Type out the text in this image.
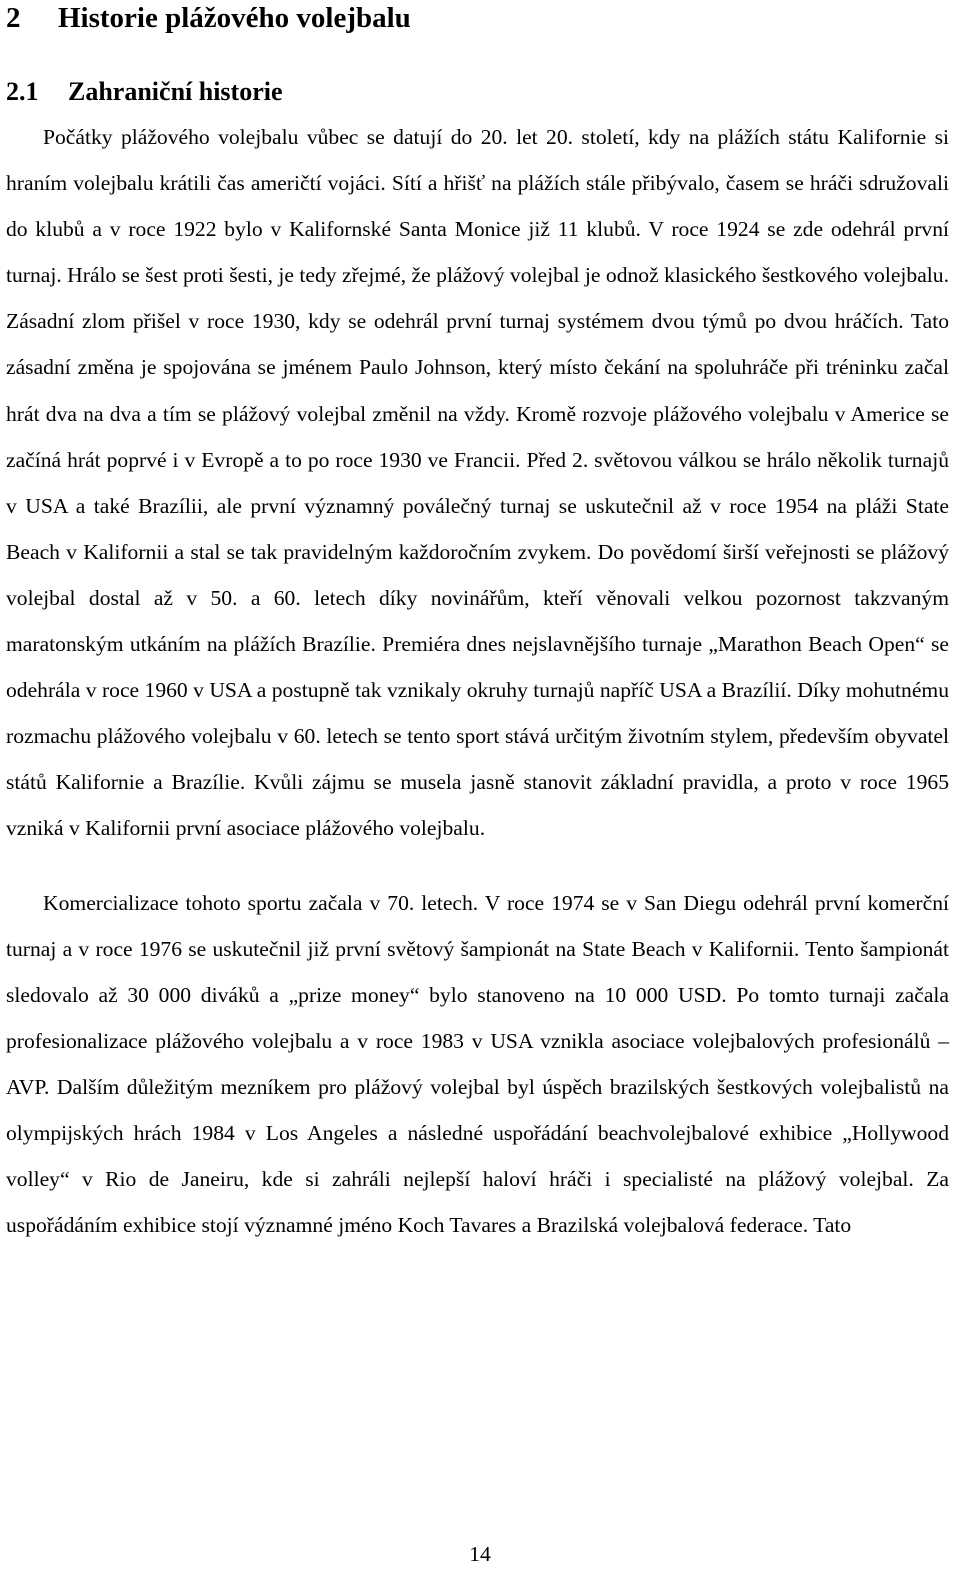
2 Historie plážového volejbalu
2.1 Zahraniční historie

Počátky plážového volejbalu vůbec se datují do 20. let 20. století, kdy na plážích státu Kalifornie si hraním volejbalu krátili čas američtí vojáci. Sítí a hřišť na plážích stále přibývalo, časem se hráči sdružovali do klubů a v roce 1922 bylo v Kalifornské Santa Monice již 11 klubů. V roce 1924 se zde odehrál první turnaj. Hrálo se šest proti šesti, je tedy zřejmé, že plážový volejbal je odnož klasického šestkového volejbalu. Zásadní zlom přišel v roce 1930, kdy se odehrál první turnaj systémem dvou týmů po dvou hráčích. Tato zásadní změna je spojována se jménem Paulo Johnson, který místo čekání na spoluhráče při tréninku začal hrát dva na dva a tím se plážový volejbal změnil na vždy. Kromě rozvoje plážového volejbalu v Americe se začíná hrát poprvé i v Evropě a to po roce 1930 ve Francii. Před 2. světovou válkou se hrálo několik turnajů v USA a také Brazílii, ale první významný poválečný turnaj se uskutečnil až v roce 1954 na pláži State Beach v Kalifornii a stal se tak pravidelným každoročním zvykem. Do povědomí širší veřejnosti se plážový volejbal dostal až v 50. a 60. letech díky novinářům, kteří věnovali velkou pozornost takzvaným maratonským utkáním na plážích Brazílie. Premiéra dnes nejslavnějšího turnaje „Marathon Beach Open“ se odehrála v roce 1960 v USA a postupně tak vznikaly okruhy turnajů napříč USA a Brazílií. Díky mohutnému rozmachu plážového volejbalu v 60. letech se tento sport stává určitým životním stylem, především obyvatel států Kalifornie a Brazílie. Kvůli zájmu se musela jasně stanovit základní pravidla, a proto v roce 1965 vzniká v Kalifornii první asociace plážového volejbalu.

Komercializace tohoto sportu začala v 70. letech. V roce 1974 se v San Diegu odehrál první komerční turnaj a v roce 1976 se uskutečnil již první světový šampionát na State Beach v Kalifornii. Tento šampionát sledovalo až 30 000 diváků a „prize money“ bylo stanoveno na 10 000 USD. Po tomto turnaji začala profesionalizace plážového volejbalu a v roce 1983 v USA vznikla asociace volejbalových profesionálů – AVP. Dalším důležitým mezníkem pro plážový volejbal byl úspěch brazilských šestkových volejbalistů na olympijských hrách 1984 v Los Angeles a následné uspořádání beachvolejbalové exhibice „Hollywood volley“ v Rio de Janeiru, kde si zahráli nejlepší haloví hráči i specialisté na plážový volejbal. Za uspořádáním exhibice stojí významné jméno Koch Tavares a Brazilská volejbalová federace. Tato

14
